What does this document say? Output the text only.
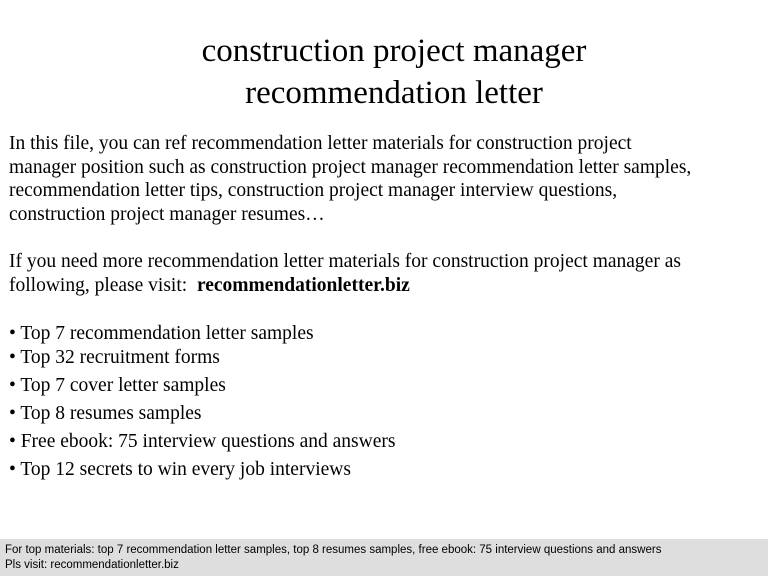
construction project manager
recommendation letter
In this file, you can ref recommendation letter materials for construction project
manager position such as construction project manager recommendation letter samples,
recommendation letter tips, construction project manager interview questions,
construction project manager resumes…
If you need more recommendation letter materials for construction project manager as
following, please visit:  recommendationletter.biz
• Top 7 recommendation letter samples
• Top 32 recruitment forms
• Top 7 cover letter samples
• Top 8 resumes samples
• Free ebook: 75 interview questions and answers
• Top 12 secrets to win every job interviews
For top materials: top 7 recommendation letter samples, top 8 resumes samples, free ebook: 75 interview questions and answers
Pls visit: recommendationletter.biz
